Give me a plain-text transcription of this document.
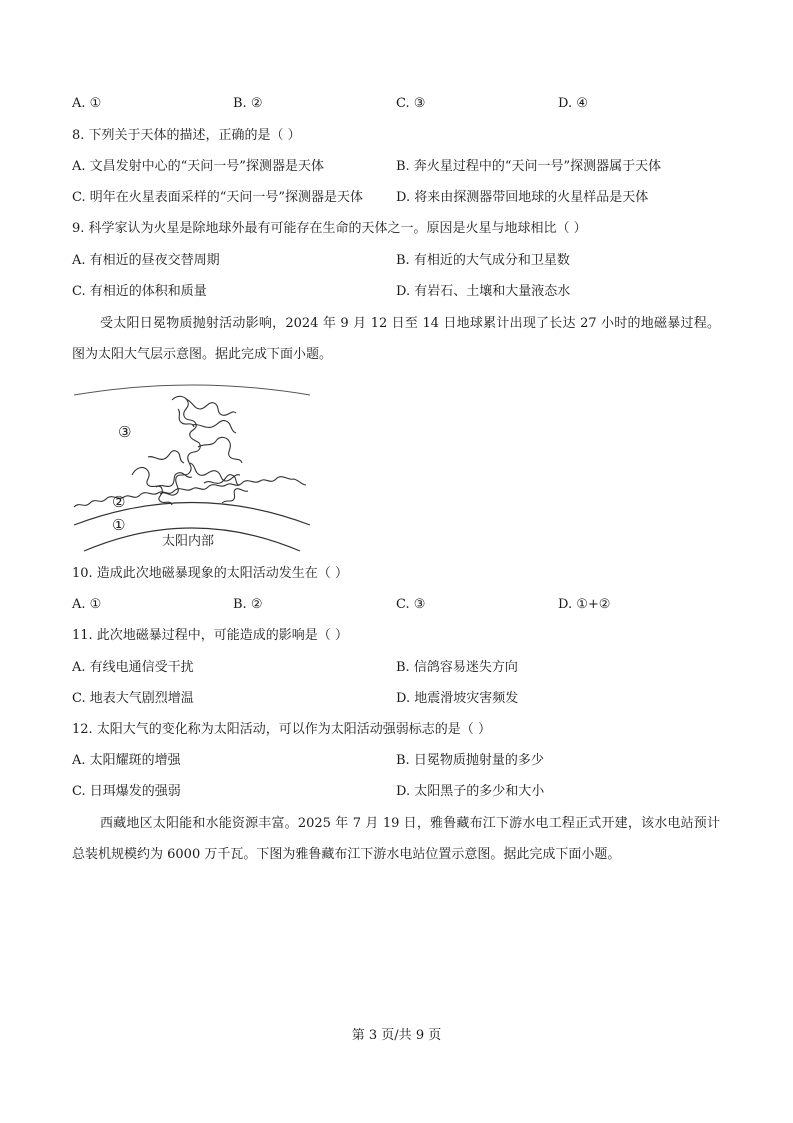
A. ①	B. ②	C. ③	D. ④
8. 下列关于天体的描述，正确的是（ ）
A. 文昌发射中心的“天问一号”探测器是天体	B. 奔火星过程中的“天问一号”探测器属于天体
C. 明年在火星表面采样的“天问一号”探测器是天体	D. 将来由探测器带回地球的火星样品是天体
9. 科学家认为火星是除地球外最有可能存在生命的天体之一。原因是火星与地球相比（ ）
A. 有相近的昼夜交替周期	B. 有相近的大气成分和卫星数
C. 有相近的体积和质量	D. 有岩石、土壤和大量液态水
受太阳日冕物质抛射活动影响，2024 年 9 月 12 日至 14 日地球累计出现了长达 27 小时的地磁暴过程。图为太阳大气层示意图。据此完成下面小题。
③
②
①
太阳内部
10. 造成此次地磁暴现象的太阳活动发生在（ ）
A. ①	B. ②	C. ③	D. ①+②
11. 此次地磁暴过程中，可能造成的影响是（ ）
A. 有线电通信受干扰	B. 信鸽容易迷失方向
C. 地表大气剧烈增温	D. 地震滑坡灾害频发
12. 太阳大气的变化称为太阳活动，可以作为太阳活动强弱标志的是（ ）
A. 太阳耀斑的增强	B. 日冕物质抛射量的多少
C. 日珥爆发的强弱	D. 太阳黑子的多少和大小
西藏地区太阳能和水能资源丰富。2025 年 7 月 19 日，雅鲁藏布江下游水电工程正式开建，该水电站预计总装机规模约为 6000 万千瓦。下图为雅鲁藏布江下游水电站位置示意图。据此完成下面小题。
第 3 页/共 9 页
